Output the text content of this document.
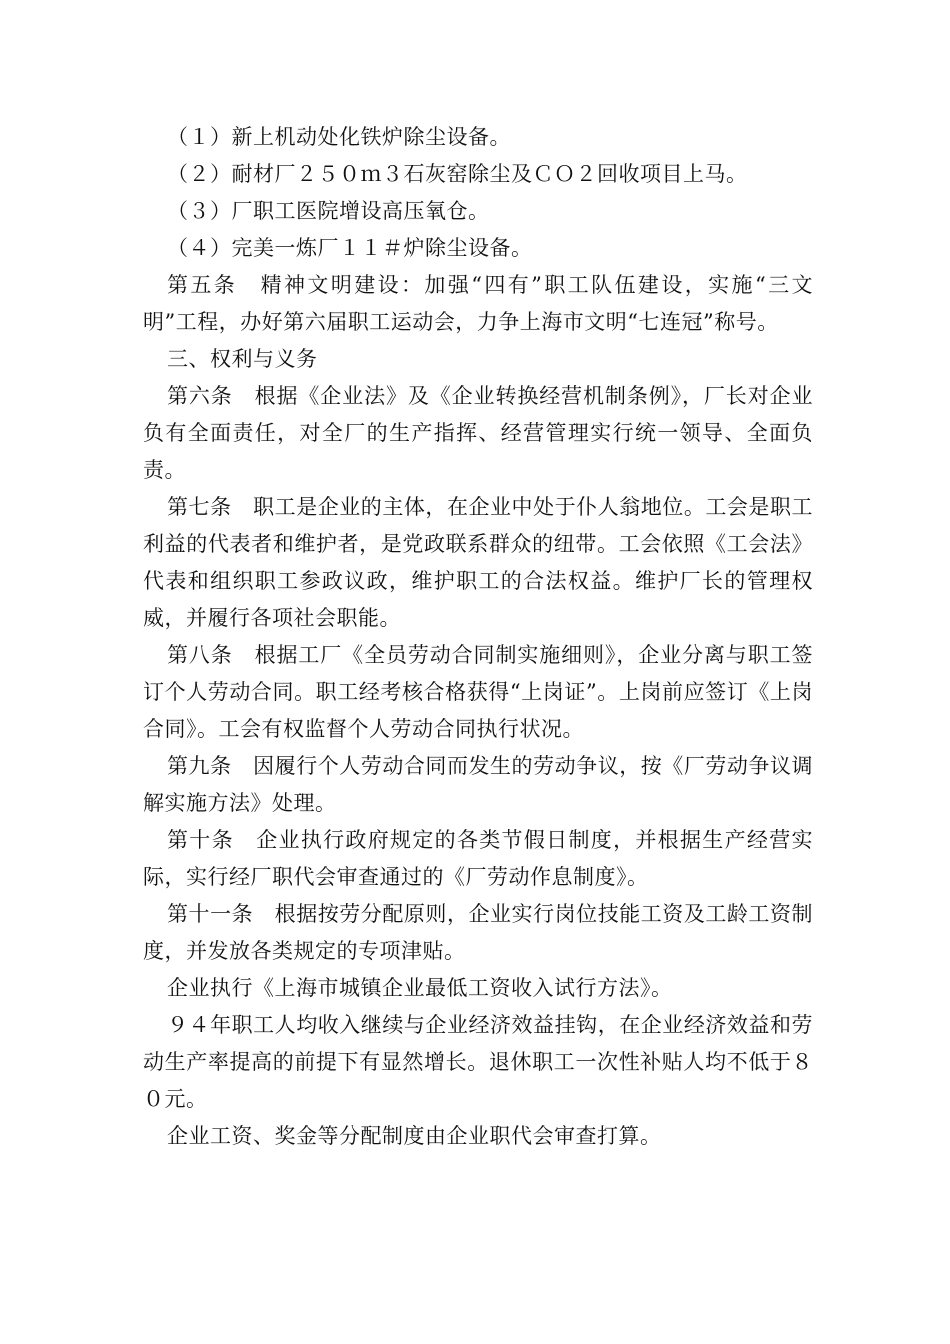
（１）新上机动处化铁炉除尘设备。

（２）耐材厂２５０ｍ３石灰窑除尘及ＣＯ２回收项目上马。

（３）厂职工医院增设高压氧仓。

（４）完美一炼厂１１＃炉除尘设备。

第五条　精神文明建设：加强“四有”职工队伍建设，实施“三文明”工程，办好第六届职工运动会，力争上海市文明“七连冠”称号。

三、权利与义务

第六条　根据《企业法》及《企业转换经营机制条例》，厂长对企业负有全面责任，对全厂的生产指挥、经营管理实行统一领导、全面负责。

第七条　职工是企业的主体，在企业中处于仆人翁地位。工会是职工利益的代表者和维护者，是党政联系群众的纽带。工会依照《工会法》代表和组织职工参政议政，维护职工的合法权益。维护厂长的管理权威，并履行各项社会职能。

第八条　根据工厂《全员劳动合同制实施细则》，企业分离与职工签订个人劳动合同。职工经考核合格获得“上岗证”。上岗前应签订《上岗合同》。工会有权监督个人劳动合同执行状况。

第九条　因履行个人劳动合同而发生的劳动争议，按《厂劳动争议调解实施方法》处理。

第十条　企业执行政府规定的各类节假日制度，并根据生产经营实际，实行经厂职代会审查通过的《厂劳动作息制度》。

第十一条　根据按劳分配原则，企业实行岗位技能工资及工龄工资制度，并发放各类规定的专项津贴。

企业执行《上海市城镇企业最低工资收入试行方法》。

９４年职工人均收入继续与企业经济效益挂钩，在企业经济效益和劳动生产率提高的前提下有显然增长。退休职工一次性补贴人均不低于８０元。

企业工资、奖金等分配制度由企业职代会审查打算。
